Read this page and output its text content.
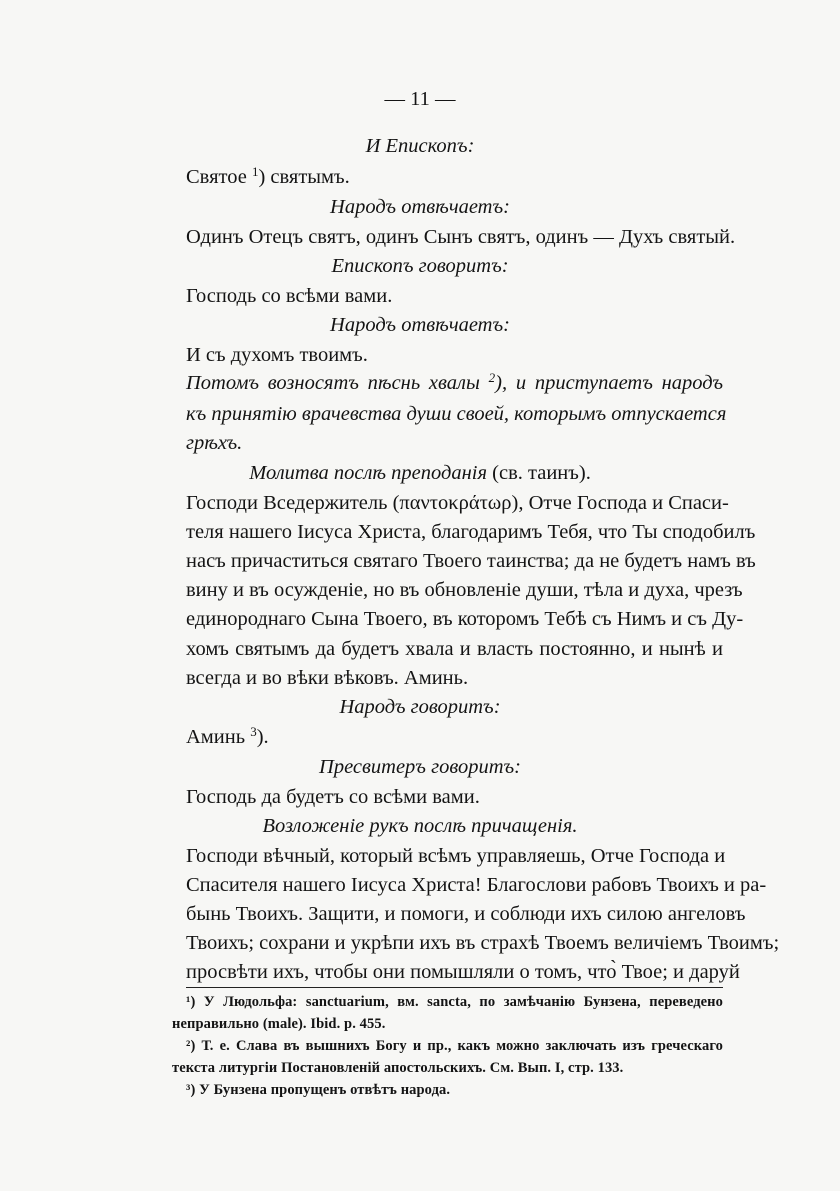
— 11 —

И Епископъ:

Святое $^1$) святымъ.

Народъ отвѣчаетъ:

Одинъ Отецъ святъ, одинъ Сынъ святъ, одинъ — Духъ святый.

Епископъ говоритъ:

Господь со всѣми вами.

Народъ отвѣчаетъ:

И съ духомъ твоимъ.

Потомъ возносятъ пѣснь хвалы $^2$), и приступаетъ народъ

къ принятію врачевства души своей, которымъ отпускается

грѣхъ.

Молитва послѣ преподанія (св. таинъ).

Господи Вседержитель (παντοκράτωρ), Отче Господа и Спаси-

теля нашего Іисуса Христа, благодаримъ Тебя, что Ты сподобилъ

насъ причаститься святаго Твоего таинства; да не будетъ намъ въ

вину и въ осужденіе, но въ обновленіе души, тѣла и духа, чрезъ

единороднаго Сына Твоего, въ которомъ Тебѣ съ Нимъ и съ Ду-

хомъ святымъ да будетъ хвала и власть постоянно, и нынѣ и

всегда и во вѣки вѣковъ. Аминь.

Народъ говоритъ:

Аминь $^3$).

Пресвитеръ говоритъ:

Господь да будетъ со всѣми вами.

Возложеніе рукъ послѣ причащенія.

Господи вѣчный, который всѣмъ управляешь, Отче Господа и

Спасителя нашего Іисуса Христа! Благослови рабовъ Твоихъ и ра-

бынь Твоихъ. Защити, и помоги, и соблюди ихъ силою ангеловъ

Твоихъ; сохрани и укрѣпи ихъ въ страхѣ Твоемъ величіемъ Твоимъ;

просвѣти ихъ, чтобы они помышляли о томъ, что̀ Твое; и даруй

¹) У Людольфа: sanctuarium, вм. sancta, по замѣчанію Бунзена, переведено

неправильно (male). Ibid. p. 455.

²) Т. е. Слава въ вышнихъ Богу и пр., какъ можно заключать изъ греческаго

текста литургіи Постановленій апостольскихъ. См. Вып. I, стр. 133.

³) У Бунзена пропущенъ отвѣтъ народа.
